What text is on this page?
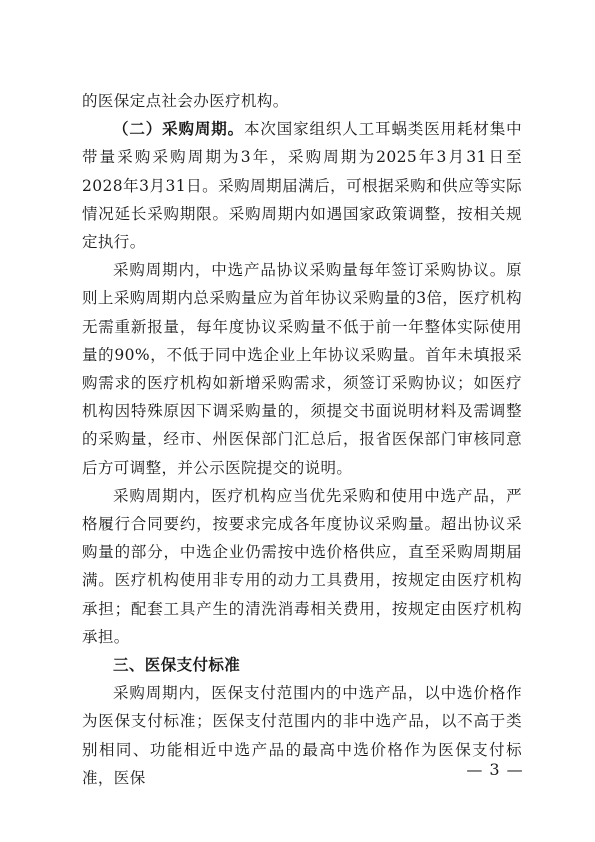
的医保定点社会办医疗机构。

（二）采购周期。本次国家组织人工耳蜗类医用耗材集中带量采购采购周期为3年，采购周期为2025年3月31日至2028年3月31日。采购周期届满后，可根据采购和供应等实际情况延长采购期限。采购周期内如遇国家政策调整，按相关规定执行。

采购周期内，中选产品协议采购量每年签订采购协议。原则上采购周期内总采购量应为首年协议采购量的3倍，医疗机构无需重新报量，每年度协议采购量不低于前一年整体实际使用量的90%，不低于同中选企业上年协议采购量。首年未填报采购需求的医疗机构如新增采购需求，须签订采购协议；如医疗机构因特殊原因下调采购量的，须提交书面说明材料及需调整的采购量，经市、州医保部门汇总后，报省医保部门审核同意后方可调整，并公示医院提交的说明。

采购周期内，医疗机构应当优先采购和使用中选产品，严格履行合同要约，按要求完成各年度协议采购量。超出协议采购量的部分，中选企业仍需按中选价格供应，直至采购周期届满。医疗机构使用非专用的动力工具费用，按规定由医疗机构承担；配套工具产生的清洗消毒相关费用，按规定由医疗机构承担。

三、医保支付标准

采购周期内，医保支付范围内的中选产品，以中选价格作为医保支付标准；医保支付范围内的非中选产品，以不高于类别相同、功能相近中选产品的最高中选价格作为医保支付标准，医保	— 3 —
